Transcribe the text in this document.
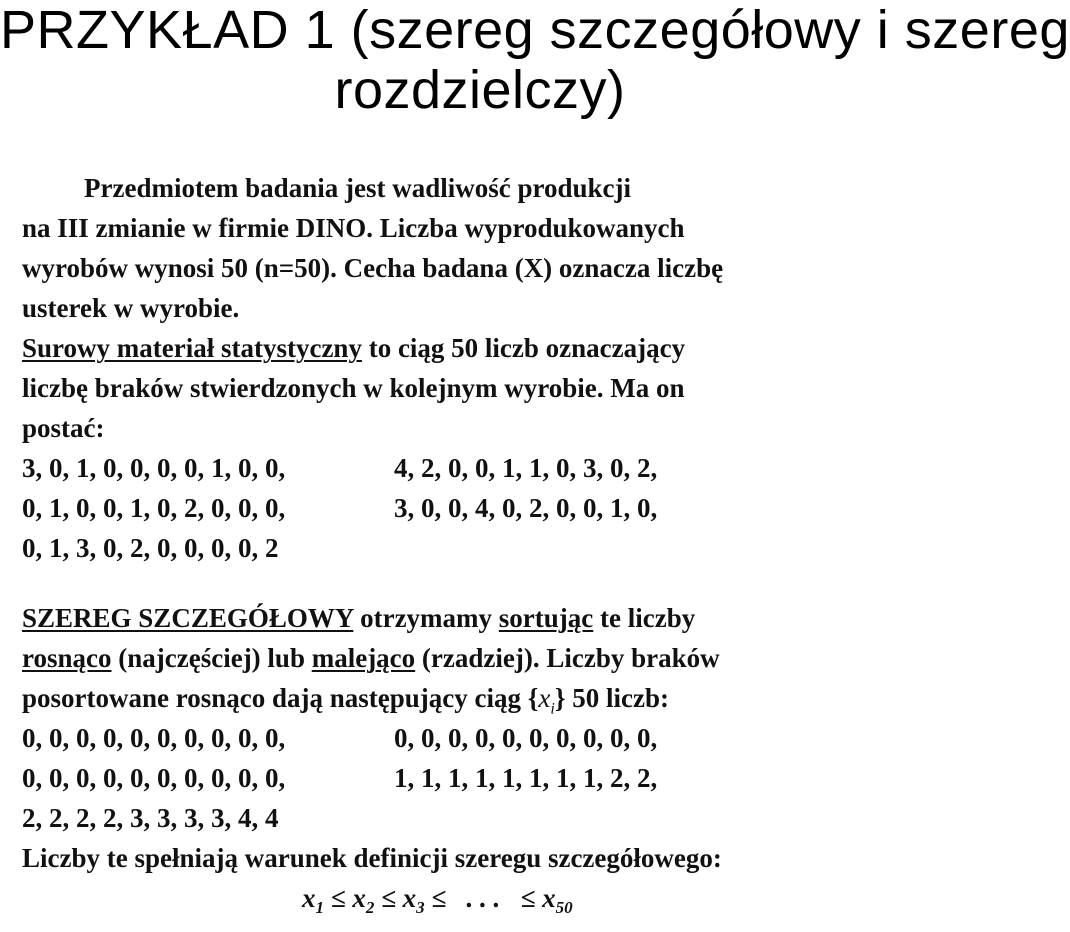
PRZYKŁAD 1 (szereg szczegółowy i szereg
rozdzielczy)
Przedmiotem badania jest wadliwość produkcji
na III zmianie w firmie DINO. Liczba wyprodukowanych
wyrobów wynosi 50 (n=50). Cecha badana (X) oznacza liczbę
usterek w wyrobie.
Surowy materiał statystyczny to ciąg 50 liczb oznaczający
liczbę braków stwierdzonych w kolejnym wyrobie. Ma on
postać:
3, 0, 1, 0, 0, 0, 0, 1, 0, 0,	4, 2, 0, 0, 1, 1, 0, 3, 0, 2,
0, 1, 0, 0, 1, 0, 2, 0, 0, 0,	3, 0, 0, 4, 0, 2, 0, 0, 1, 0,
0, 1, 3, 0, 2, 0, 0, 0, 0, 2
SZEREG SZCZEGÓŁOWY otrzymamy sortując te liczby
rosnąco (najczęściej) lub malejąco (rzadziej). Liczby braków
posortowane rosnąco dają następujący ciąg $\{x_i\}$ 50 liczb:
0, 0, 0, 0, 0, 0, 0, 0, 0, 0,	0, 0, 0, 0, 0, 0, 0, 0, 0, 0,
0, 0, 0, 0, 0, 0, 0, 0, 0, 0,	1, 1, 1, 1, 1, 1, 1, 1, 2, 2,
2, 2, 2, 2, 3, 3, 3, 3, 4, 4
Liczby te spełniają warunek definicji szeregu szczegółowego:
$x_1 \le x_2 \le x_3$ ≤ . . . ≤ $x_{50}$
